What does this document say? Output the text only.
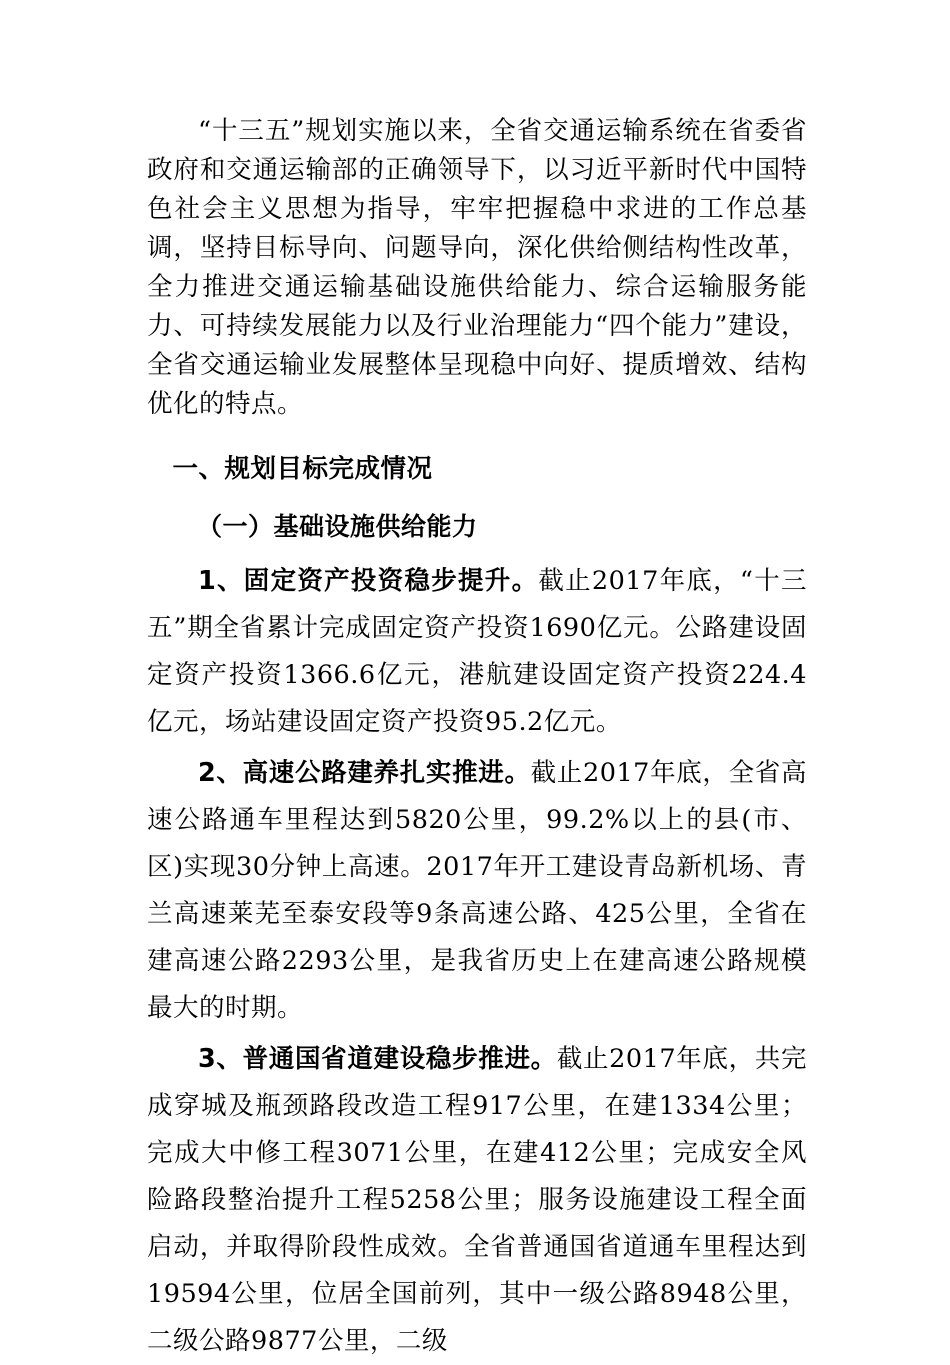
“十三五”规划实施以来，全省交通运输系统在省委省政府和交通运输部的正确领导下，以习近平新时代中国特色社会主义思想为指导，牢牢把握稳中求进的工作总基调，坚持目标导向、问题导向，深化供给侧结构性改革，全力推进交通运输基础设施供给能力、综合运输服务能力、可持续发展能力以及行业治理能力“四个能力”建设，全省交通运输业发展整体呈现稳中向好、提质增效、结构优化的特点。

一、规划目标完成情况
（一）基础设施供给能力

1、固定资产投资稳步提升。截止2017年底，“十三五”期全省累计完成固定资产投资1690亿元。公路建设固定资产投资1366.6亿元，港航建设固定资产投资224.4亿元，场站建设固定资产投资95.2亿元。

2、高速公路建养扎实推进。截止2017年底，全省高速公路通车里程达到5820公里，99.2%以上的县(市、区)实现30分钟上高速。2017年开工建设青岛新机场、青兰高速莱芜至泰安段等9条高速公路、425公里，全省在建高速公路2293公里，是我省历史上在建高速公路规模最大的时期。

3、普通国省道建设稳步推进。截止2017年底，共完成穿城及瓶颈路段改造工程917公里，在建1334公里；完成大中修工程3071公里，在建412公里；完成安全风险路段整治提升工程5258公里；服务设施建设工程全面启动，并取得阶段性成效。全省普通国省道通车里程达到19594公里，位居全国前列，其中一级公路8948公里，二级公路9877公里，二级
